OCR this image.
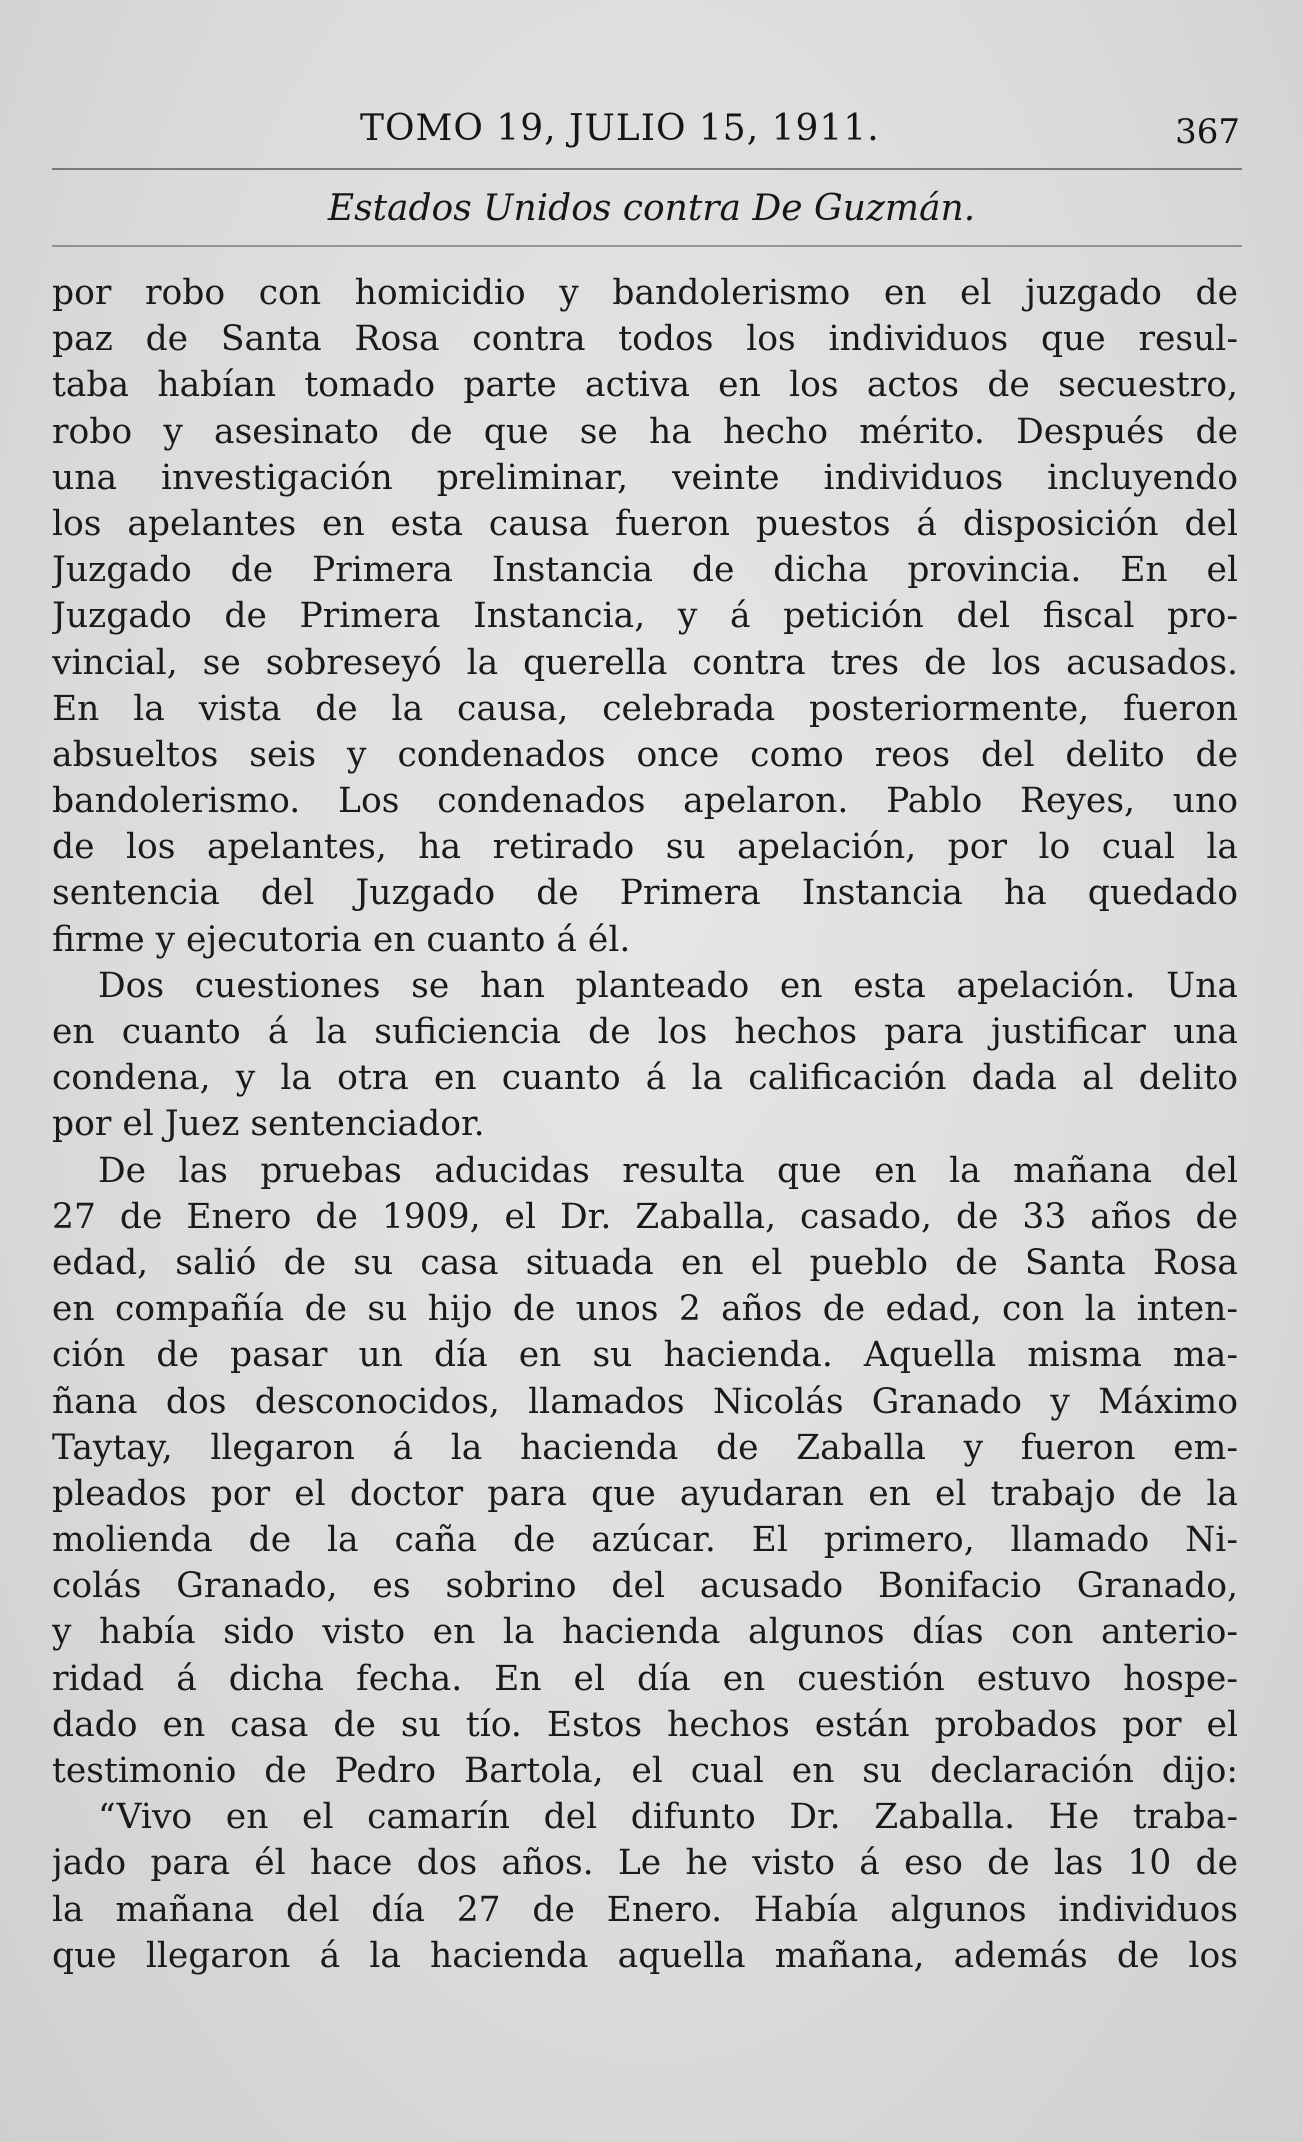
TOMO 19, JULIO 15, 1911.	367
Estados Unidos contra De Guzmán.
por robo con homicidio y bandolerismo en el juzgado de
paz de Santa Rosa contra todos los individuos que resul-
taba habían tomado parte activa en los actos de secuestro,
robo y asesinato de que se ha hecho mérito. Después de
una investigación preliminar, veinte individuos incluyendo
los apelantes en esta causa fueron puestos á disposición del
Juzgado de Primera Instancia de dicha provincia. En el
Juzgado de Primera Instancia, y á petición del fiscal pro-
vincial, se sobreseyó la querella contra tres de los acusados.
En la vista de la causa, celebrada posteriormente, fueron
absueltos seis y condenados once como reos del delito de
bandolerismo. Los condenados apelaron. Pablo Reyes, uno
de los apelantes, ha retirado su apelación, por lo cual la
sentencia del Juzgado de Primera Instancia ha quedado
firme y ejecutoria en cuanto á él.
Dos cuestiones se han planteado en esta apelación. Una
en cuanto á la suficiencia de los hechos para justificar una
condena, y la otra en cuanto á la calificación dada al delito
por el Juez sentenciador.
De las pruebas aducidas resulta que en la mañana del
27 de Enero de 1909, el Dr. Zaballa, casado, de 33 años de
edad, salió de su casa situada en el pueblo de Santa Rosa
en compañía de su hijo de unos 2 años de edad, con la inten-
ción de pasar un día en su hacienda. Aquella misma ma-
ñana dos desconocidos, llamados Nicolás Granado y Máximo
Taytay, llegaron á la hacienda de Zaballa y fueron em-
pleados por el doctor para que ayudaran en el trabajo de la
molienda de la caña de azúcar. El primero, llamado Ni-
colás Granado, es sobrino del acusado Bonifacio Granado,
y había sido visto en la hacienda algunos días con anterio-
ridad á dicha fecha. En el día en cuestión estuvo hospe-
dado en casa de su tío. Estos hechos están probados por el
testimonio de Pedro Bartola, el cual en su declaración dijo:
“Vivo en el camarín del difunto Dr. Zaballa. He traba-
jado para él hace dos años. Le he visto á eso de las 10 de
la mañana del día 27 de Enero. Había algunos individuos
que llegaron á la hacienda aquella mañana, además de los
